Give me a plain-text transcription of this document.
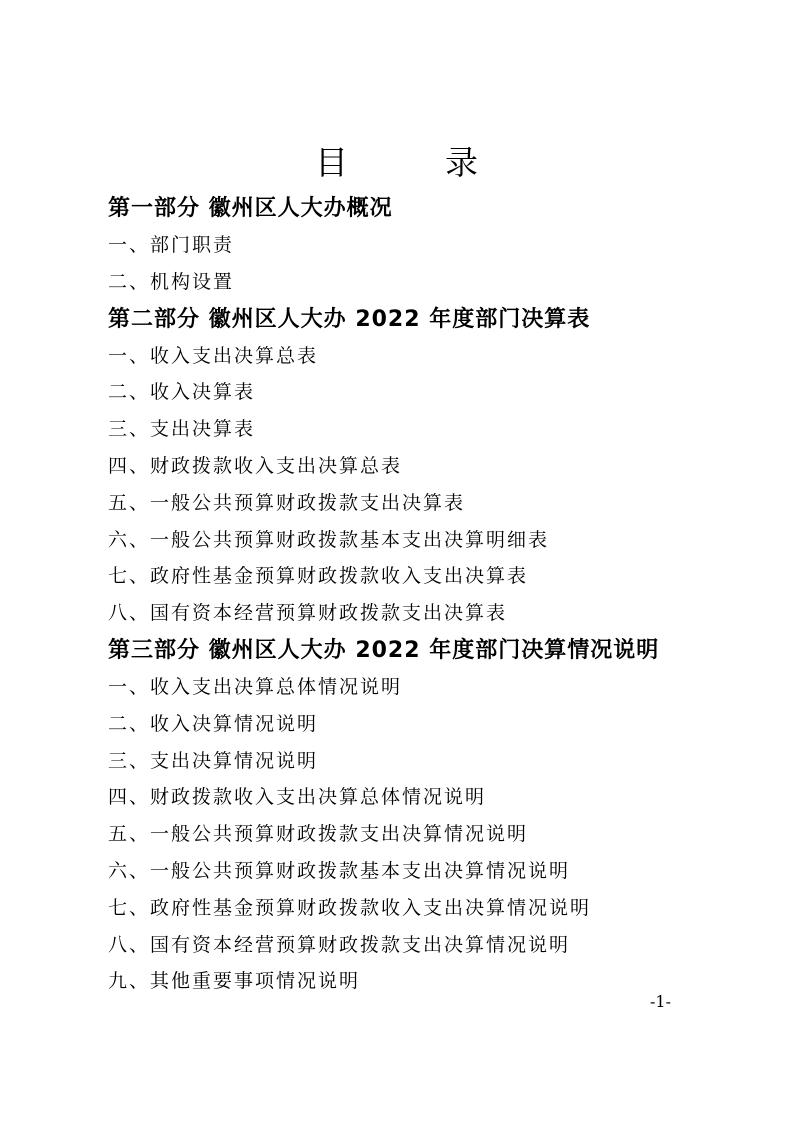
目　录
第一部分 徽州区人大办概况
一、部门职责
二、机构设置
第二部分 徽州区人大办 2022 年度部门决算表
一、收入支出决算总表
二、收入决算表
三、支出决算表
四、财政拨款收入支出决算总表
五、一般公共预算财政拨款支出决算表
六、一般公共预算财政拨款基本支出决算明细表
七、政府性基金预算财政拨款收入支出决算表
八、国有资本经营预算财政拨款支出决算表
第三部分 徽州区人大办 2022 年度部门决算情况说明
一、收入支出决算总体情况说明
二、收入决算情况说明
三、支出决算情况说明
四、财政拨款收入支出决算总体情况说明
五、一般公共预算财政拨款支出决算情况说明
六、一般公共预算财政拨款基本支出决算情况说明
七、政府性基金预算财政拨款收入支出决算情况说明
八、国有资本经营预算财政拨款支出决算情况说明
九、其他重要事项情况说明
-1-
